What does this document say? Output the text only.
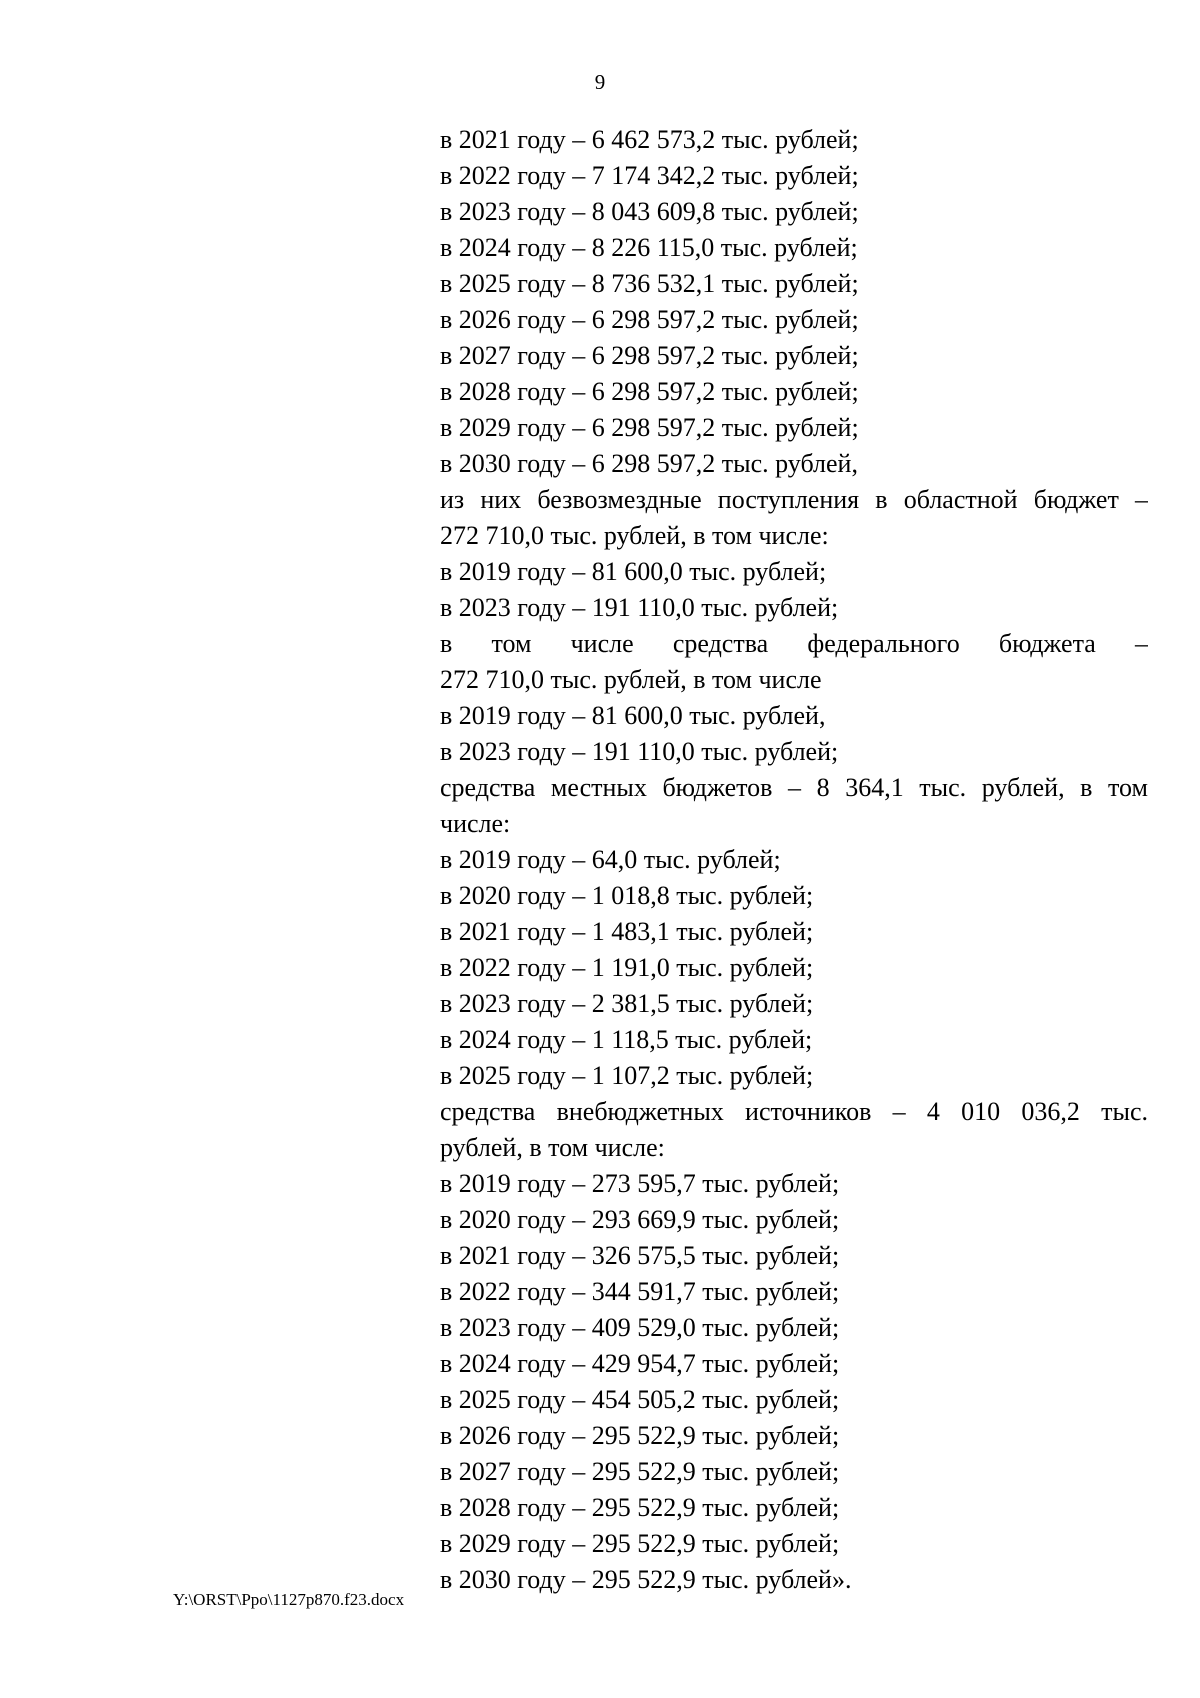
9
в 2021 году – 6 462 573,2 тыс. рублей;
в 2022 году – 7 174 342,2 тыс. рублей;
в 2023 году – 8 043 609,8 тыс. рублей;
в 2024 году – 8 226 115,0 тыс. рублей;
в 2025 году – 8 736 532,1 тыс. рублей;
в 2026 году – 6 298 597,2 тыс. рублей;
в 2027 году – 6 298 597,2 тыс. рублей;
в 2028 году – 6 298 597,2 тыс. рублей;
в 2029 году – 6 298 597,2 тыс. рублей;
в 2030 году – 6 298 597,2 тыс. рублей,
из них безвозмездные поступления в областной бюджет –
272 710,0 тыс. рублей, в том числе:
в 2019 году – 81 600,0 тыс. рублей;
в 2023 году – 191 110,0 тыс. рублей;
в том числе средства федерального бюджета –
272 710,0 тыс. рублей, в том числе
в 2019 году – 81 600,0 тыс. рублей,
в 2023 году – 191 110,0 тыс. рублей;
средства местных бюджетов – 8 364,1 тыс. рублей, в том
числе:
в 2019 году – 64,0 тыс. рублей;
в 2020 году – 1 018,8 тыс. рублей;
в 2021 году – 1 483,1 тыс. рублей;
в 2022 году – 1 191,0 тыс. рублей;
в 2023 году – 2 381,5 тыс. рублей;
в 2024 году – 1 118,5 тыс. рублей;
в 2025 году – 1 107,2 тыс. рублей;
средства внебюджетных источников – 4 010 036,2 тыс.
рублей, в том числе:
в 2019 году – 273 595,7 тыс. рублей;
в 2020 году – 293 669,9 тыс. рублей;
в 2021 году – 326 575,5 тыс. рублей;
в 2022 году – 344 591,7 тыс. рублей;
в 2023 году – 409 529,0 тыс. рублей;
в 2024 году – 429 954,7 тыс. рублей;
в 2025 году – 454 505,2 тыс. рублей;
в 2026 году – 295 522,9 тыс. рублей;
в 2027 году – 295 522,9 тыс. рублей;
в 2028 году – 295 522,9 тыс. рублей;
в 2029 году – 295 522,9 тыс. рублей;
в 2030 году – 295 522,9 тыс. рублей».
Y:\ORST\Ppo\1127p870.f23.docx
